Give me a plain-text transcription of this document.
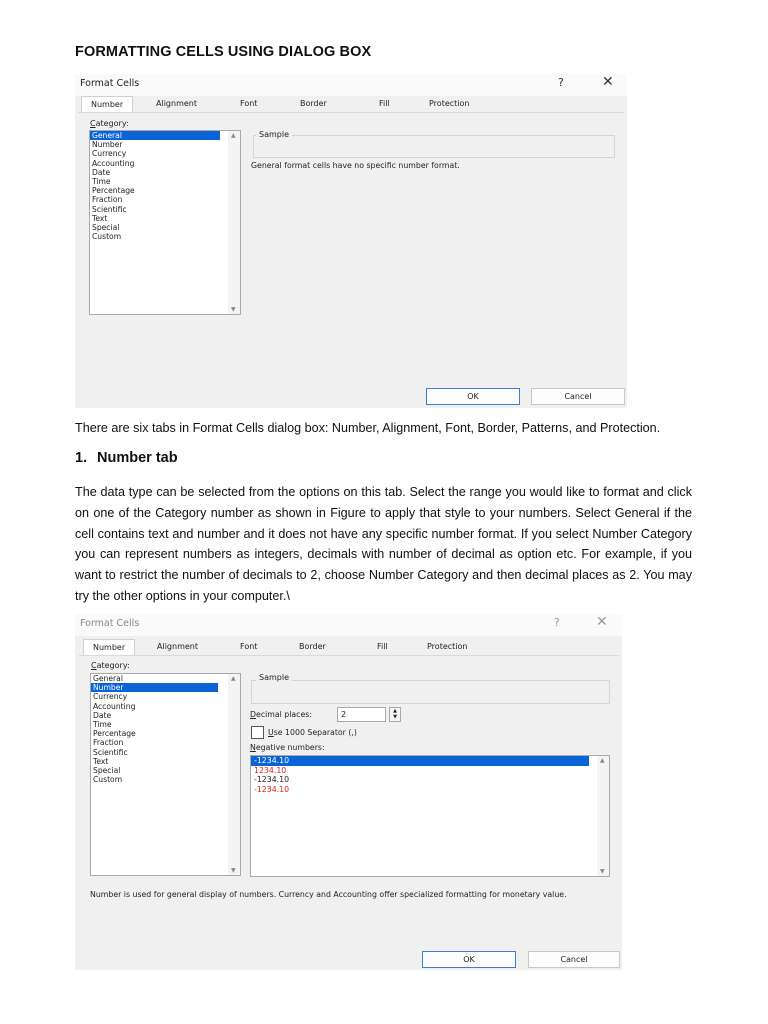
FORMATTING CELLS USING DIALOG BOX
Format Cells	?	✕
Number	Alignment	Font	Border	Fill	Protection
Category:
General
Number
Currency
Accounting
Date
Time
Percentage
Fraction
Scientific
Text
Special
Custom
▲
▼
Sample
General format cells have no specific number format.
OK	Cancel
There are six tabs in Format Cells dialog box: Number, Alignment, Font, Border, Patterns, and Protection.
1. Number tab
The data type can be selected from the options on this tab. Select the range you would like to format and click on one of the Category number as shown in Figure to apply that style to your numbers. Select General if the cell contains text and number and it does not have any specific number format. If you select Number Category you can represent numbers as integers, decimals with number of decimal as option etc. For example, if you want to restrict the number of decimals to 2, choose Number Category and then decimal places as 2. You may try the other options in your computer.\
Format Cells	?	✕
Number	Alignment	Font	Border	Fill	Protection
Category:
General
Number
Currency
Accounting
Date
Time
Percentage
Fraction
Scientific
Text
Special
Custom
▲
▼
Sample
Decimal places:	2	▲
▼
Use 1000 Separator (,)
Negative numbers:
-1234.10
1234.10
-1234.10
-1234.10
▲
▼
Number is used for general display of numbers. Currency and Accounting offer specialized formatting for monetary value.
OK	Cancel
